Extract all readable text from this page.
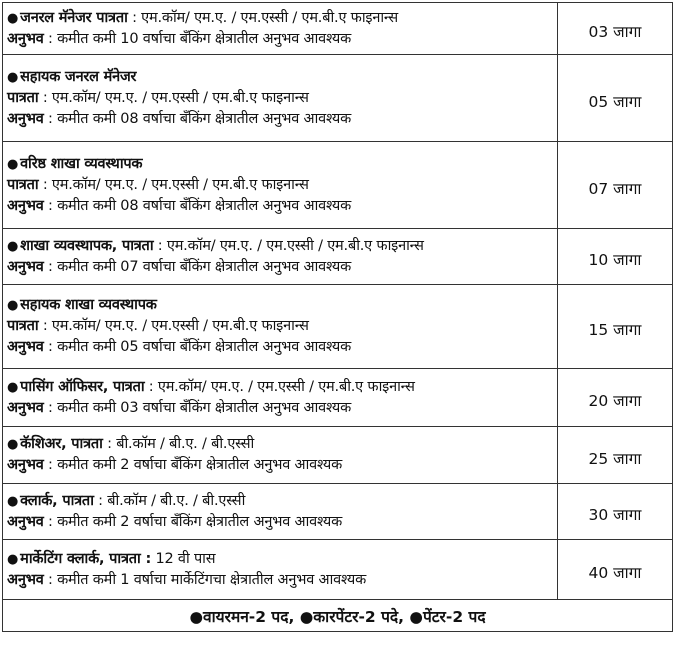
● जनरल मॅनेजर पात्रता : एम.कॉम/ एम.ए. / एम.एस्सी / एम.बी.ए फाइनान्स
अनुभव : कमीत कमी 10 वर्षाचा बँकिंग क्षेत्रातील अनुभव आवश्यक	03 जागा

● सहायक जनरल मॅनेजर
पात्रता : एम.कॉम/ एम.ए. / एम.एस्सी / एम.बी.ए फाइनान्स
अनुभव : कमीत कमी 08 वर्षाचा बँकिंग क्षेत्रातील अनुभव आवश्यक	05 जागा

● वरिष्ठ शाखा व्यवस्थापक
पात्रता : एम.कॉम/ एम.ए. / एम.एस्सी / एम.बी.ए फाइनान्स
अनुभव : कमीत कमी 08 वर्षाचा बँकिंग क्षेत्रातील अनुभव आवश्यक	07 जागा

● शाखा व्यवस्थापक, पात्रता : एम.कॉम/ एम.ए. / एम.एस्सी / एम.बी.ए फाइनान्स
अनुभव : कमीत कमी 07 वर्षाचा बँकिंग क्षेत्रातील अनुभव आवश्यक	10 जागा

● सहायक शाखा व्यवस्थापक
पात्रता : एम.कॉम/ एम.ए. / एम.एस्सी / एम.बी.ए फाइनान्स
अनुभव : कमीत कमी 05 वर्षाचा बँकिंग क्षेत्रातील अनुभव आवश्यक	15 जागा

● पासिंग ऑफिसर, पात्रता : एम.कॉम/ एम.ए. / एम.एस्सी / एम.बी.ए फाइनान्स
अनुभव : कमीत कमी 03 वर्षाचा बँकिंग क्षेत्रातील अनुभव आवश्यक	20 जागा

● कॅशिअर, पात्रता : बी.कॉम / बी.ए. / बी.एस्सी
अनुभव : कमीत कमी 2 वर्षाचा बँकिंग क्षेत्रातील अनुभव आवश्यक	25 जागा

● क्लार्क, पात्रता : बी.कॉम / बी.ए. / बी.एस्सी
अनुभव : कमीत कमी 2 वर्षाचा बँकिंग क्षेत्रातील अनुभव आवश्यक	30 जागा

● मार्केटिंग क्लार्क, पात्रता : 12 वी पास
अनुभव : कमीत कमी 1 वर्षाचा मार्केटिंगचा क्षेत्रातील अनुभव आवश्यक	40 जागा
●वायरमन-2 पद, ●कारपेंटर-2 पदे, ●पेंटर-2 पद	
